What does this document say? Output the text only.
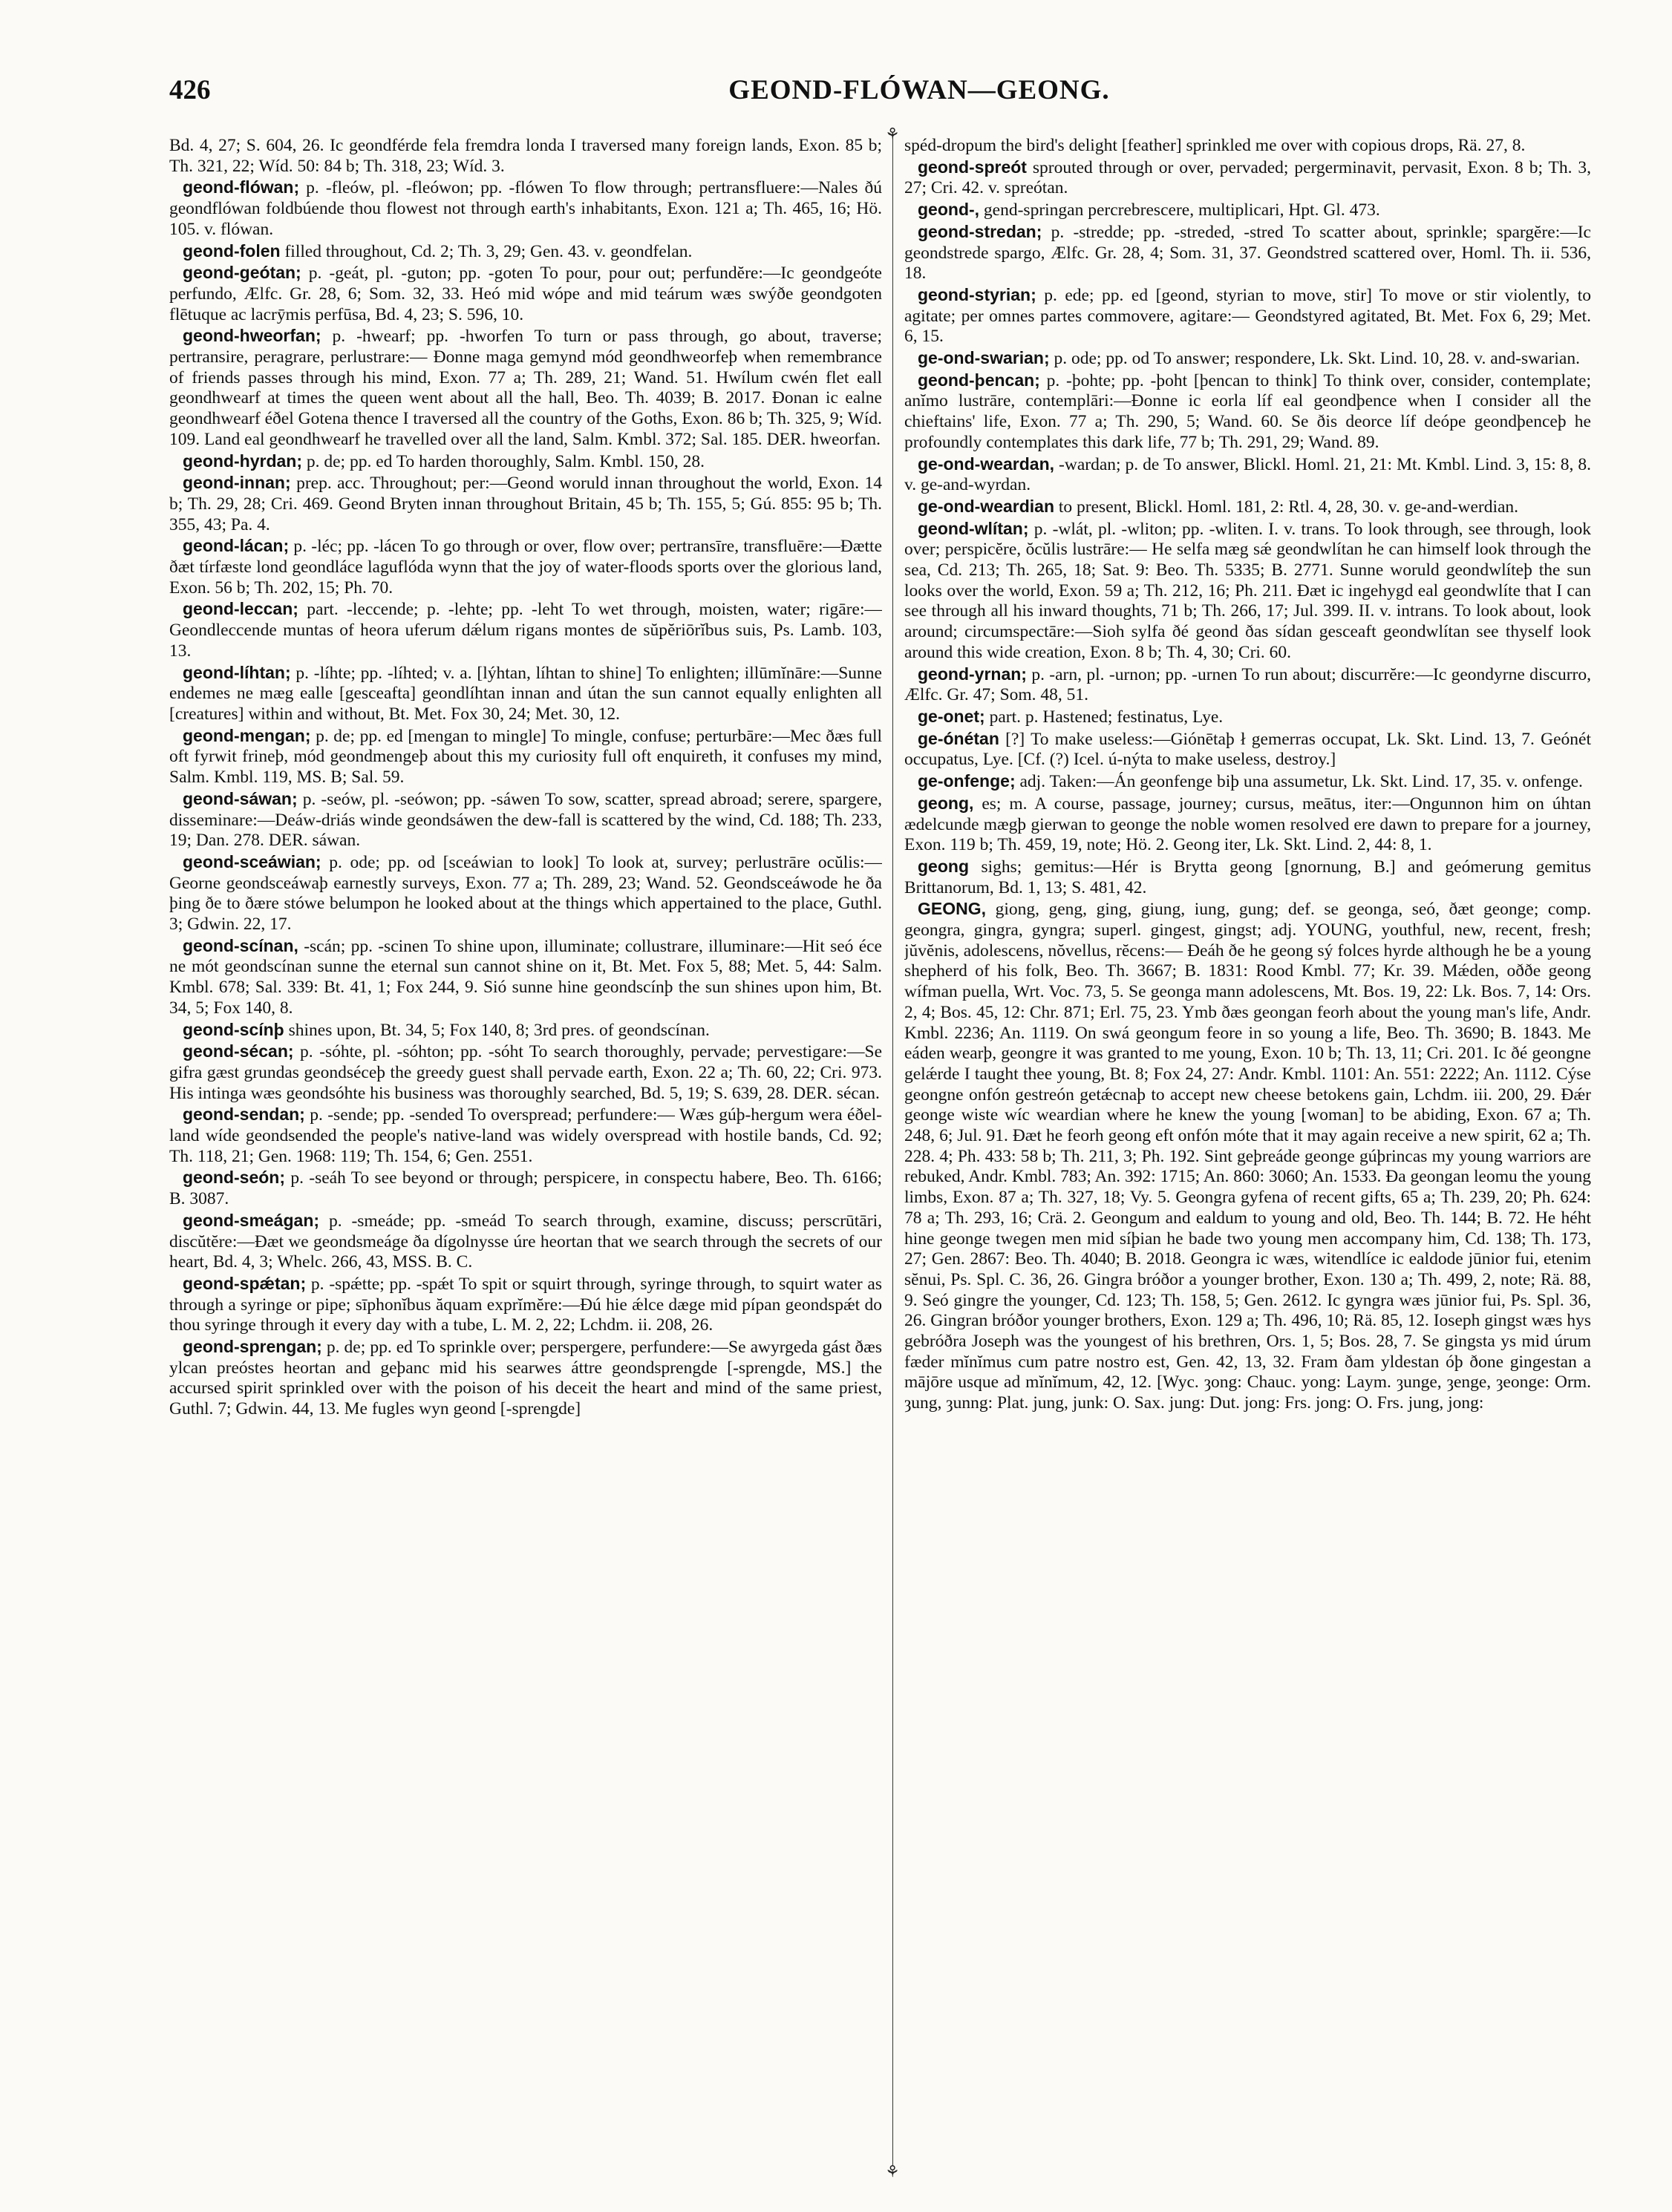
426	GEOND-FLÓWAN—GEONG.
⚘
⚘

Bd. 4, 27; S. 604, 26. Ic geondférde fela fremdra londa I traversed many foreign lands, Exon. 85 b; Th. 321, 22; Wíd. 50: 84 b; Th. 318, 23; Wíd. 3.

geond-flówan; p. -fleów, pl. -fleówon; pp. -flówen To flow through; pertransfluere:—Nales ðú geondflówan foldbúende thou flowest not through earth's inhabitants, Exon. 121 a; Th. 465, 16; Hö. 105. v. flówan.

geond-folen filled throughout, Cd. 2; Th. 3, 29; Gen. 43. v. geondfelan.

geond-geótan; p. -geát, pl. -guton; pp. -goten To pour, pour out; perfundĕre:—Ic geondgeóte perfundo, Ælfc. Gr. 28, 6; Som. 32, 33. Heó mid wópe and mid teárum wæs swýðe geondgoten flētuque ac lacrȳmis perfūsa, Bd. 4, 23; S. 596, 10.

geond-hweorfan; p. -hwearf; pp. -hworfen To turn or pass through, go about, traverse; pertransire, peragrare, perlustrare:— Ðonne maga gemynd mód geondhweorfeþ when remembrance of friends passes through his mind, Exon. 77 a; Th. 289, 21; Wand. 51. Hwílum cwén flet eall geondhwearf at times the queen went about all the hall, Beo. Th. 4039; B. 2017. Ðonan ic ealne geondhwearf éðel Gotena thence I traversed all the country of the Goths, Exon. 86 b; Th. 325, 9; Wíd. 109. Land eal geondhwearf he travelled over all the land, Salm. Kmbl. 372; Sal. 185. DER. hweorfan.

geond-hyrdan; p. de; pp. ed To harden thoroughly, Salm. Kmbl. 150, 28.

geond-innan; prep. acc. Throughout; per:—Geond woruld innan throughout the world, Exon. 14 b; Th. 29, 28; Cri. 469. Geond Bryten innan throughout Britain, 45 b; Th. 155, 5; Gú. 855: 95 b; Th. 355, 43; Pa. 4.

geond-lácan; p. -léc; pp. -lácen To go through or over, flow over; pertransīre, transfluēre:—Ðætte ðæt tírfæste lond geondláce laguflóda wynn that the joy of water-floods sports over the glorious land, Exon. 56 b; Th. 202, 15; Ph. 70.

geond-leccan; part. -leccende; p. -lehte; pp. -leht To wet through, moisten, water; rigāre:—Geondleccende muntas of heora uferum dǽlum rigans montes de sŭpĕriōrĭbus suis, Ps. Lamb. 103, 13.

geond-líhtan; p. -líhte; pp. -líhted; v. a. [lýhtan, líhtan to shine] To enlighten; illūmĭnāre:—Sunne endemes ne mæg ealle [gesceafta] geondlíhtan innan and útan the sun cannot equally enlighten all [creatures] within and without, Bt. Met. Fox 30, 24; Met. 30, 12.

geond-mengan; p. de; pp. ed [mengan to mingle] To mingle, confuse; perturbāre:—Mec ðæs full oft fyrwit frineþ, mód geondmengeþ about this my curiosity full oft enquireth, it confuses my mind, Salm. Kmbl. 119, MS. B; Sal. 59.

geond-sáwan; p. -seów, pl. -seówon; pp. -sáwen To sow, scatter, spread abroad; serere, spargere, disseminare:—Deáw-driás winde geondsáwen the dew-fall is scattered by the wind, Cd. 188; Th. 233, 19; Dan. 278. DER. sáwan.

geond-sceáwian; p. ode; pp. od [sceáwian to look] To look at, survey; perlustrāre ocŭlis:— Georne geondsceáwaþ earnestly surveys, Exon. 77 a; Th. 289, 23; Wand. 52. Geondsceáwode he ða þing ðe to ðære stówe belumpon he looked about at the things which appertained to the place, Guthl. 3; Gdwin. 22, 17.

geond-scínan, -scán; pp. -scinen To shine upon, illuminate; collustrare, illuminare:—Hit seó éce ne mót geondscínan sunne the eternal sun cannot shine on it, Bt. Met. Fox 5, 88; Met. 5, 44: Salm. Kmbl. 678; Sal. 339: Bt. 41, 1; Fox 244, 9. Sió sunne hine geondscínþ the sun shines upon him, Bt. 34, 5; Fox 140, 8.

geond-scínþ shines upon, Bt. 34, 5; Fox 140, 8; 3rd pres. of geondscínan.

geond-sécan; p. -sóhte, pl. -sóhton; pp. -sóht To search thoroughly, pervade; pervestigare:—Se gifra gæst grundas geondséceþ the greedy guest shall pervade earth, Exon. 22 a; Th. 60, 22; Cri. 973. His intinga wæs geondsóhte his business was thoroughly searched, Bd. 5, 19; S. 639, 28. DER. sécan.

geond-sendan; p. -sende; pp. -sended To overspread; perfundere:— Wæs gúþ-hergum wera éðel-land wíde geondsended the people's native-land was widely overspread with hostile bands, Cd. 92; Th. 118, 21; Gen. 1968: 119; Th. 154, 6; Gen. 2551.

geond-seón; p. -seáh To see beyond or through; perspicere, in conspectu habere, Beo. Th. 6166; B. 3087.

geond-smeágan; p. -smeáde; pp. -smeád To search through, examine, discuss; perscrūtāri, discŭtĕre:—Ðæt we geondsmeáge ða dígolnysse úre heortan that we search through the secrets of our heart, Bd. 4, 3; Whelc. 266, 43, MSS. B. C.

geond-spǽtan; p. -spǽtte; pp. -spǽt To spit or squirt through, syringe through, to squirt water as through a syringe or pipe; sīphonĭbus ăquam exprĭmĕre:—Ðú hie ǽlce dæge mid pípan geondspǽt do thou syringe through it every day with a tube, L. M. 2, 22; Lchdm. ii. 208, 26.

geond-sprengan; p. de; pp. ed To sprinkle over; perspergere, perfundere:—Se awyrgeda gást ðæs ylcan preóstes heortan and geþanc mid his searwes áttre geondsprengde [-sprengde, MS.] the accursed spirit sprinkled over with the poison of his deceit the heart and mind of the same priest, Guthl. 7; Gdwin. 44, 13. Me fugles wyn geond [-sprengde]

spéd-dropum the bird's delight [feather] sprinkled me over with copious drops, Rä. 27, 8.

geond-spreót sprouted through or over, pervaded; pergerminavit, pervasit, Exon. 8 b; Th. 3, 27; Cri. 42. v. spreótan.

geond-, gend-springan percrebrescere, multiplicari, Hpt. Gl. 473.

geond-stredan; p. -stredde; pp. -streded, -stred To scatter about, sprinkle; spargĕre:—Ic geondstrede spargo, Ælfc. Gr. 28, 4; Som. 31, 37. Geondstred scattered over, Homl. Th. ii. 536, 18.

geond-styrian; p. ede; pp. ed [geond, styrian to move, stir] To move or stir violently, to agitate; per omnes partes commovere, agitare:— Geondstyred agitated, Bt. Met. Fox 6, 29; Met. 6, 15.

ge-ond-swarian; p. ode; pp. od To answer; respondere, Lk. Skt. Lind. 10, 28. v. and-swarian.

geond-þencan; p. -þohte; pp. -þoht [þencan to think] To think over, consider, contemplate; anĭmo lustrāre, contemplāri:—Ðonne ic eorla líf eal geondþence when I consider all the chieftains' life, Exon. 77 a; Th. 290, 5; Wand. 60. Se ðis deorce líf deópe geondþenceþ he profoundly contemplates this dark life, 77 b; Th. 291, 29; Wand. 89.

ge-ond-weardan, -wardan; p. de To answer, Blickl. Homl. 21, 21: Mt. Kmbl. Lind. 3, 15: 8, 8. v. ge-and-wyrdan.

ge-ond-weardian to present, Blickl. Homl. 181, 2: Rtl. 4, 28, 30. v. ge-and-werdian.

geond-wlítan; p. -wlát, pl. -wliton; pp. -wliten. I. v. trans. To look through, see through, look over; perspicĕre, ŏcŭlis lustrāre:— He selfa mæg sǽ geondwlítan he can himself look through the sea, Cd. 213; Th. 265, 18; Sat. 9: Beo. Th. 5335; B. 2771. Sunne woruld geondwlíteþ the sun looks over the world, Exon. 59 a; Th. 212, 16; Ph. 211. Ðæt ic ingehygd eal geondwlíte that I can see through all his inward thoughts, 71 b; Th. 266, 17; Jul. 399. II. v. intrans. To look about, look around; circumspectāre:—Sioh sylfa ðé geond ðas sídan gesceaft geondwlítan see thyself look around this wide creation, Exon. 8 b; Th. 4, 30; Cri. 60.

geond-yrnan; p. -arn, pl. -urnon; pp. -urnen To run about; discurrĕre:—Ic geondyrne discurro, Ælfc. Gr. 47; Som. 48, 51.

ge-onet; part. p. Hastened; festinatus, Lye.

ge-ónétan [?] To make useless:—Giónētaþ ł gemerras occupat, Lk. Skt. Lind. 13, 7. Geónét occupatus, Lye. [Cf. (?) Icel. ú-nýta to make useless, destroy.]

ge-onfenge; adj. Taken:—Án geonfenge biþ una assumetur, Lk. Skt. Lind. 17, 35. v. onfenge.

geong, es; m. A course, passage, journey; cursus, meātus, iter:—Ongunnon him on úhtan ædelcunde mægþ gierwan to geonge the noble women resolved ere dawn to prepare for a journey, Exon. 119 b; Th. 459, 19, note; Hö. 2. Geong iter, Lk. Skt. Lind. 2, 44: 8, 1.

geong sighs; gemitus:—Hér is Brytta geong [gnornung, B.] and geómerung gemitus Brittanorum, Bd. 1, 13; S. 481, 42.

GEONG, giong, geng, ging, giung, iung, gung; def. se geonga, seó, ðæt geonge; comp. geongra, gingra, gyngra; superl. gingest, gingst; adj. YOUNG, youthful, new, recent, fresh; jŭvĕnis, adolescens, nŏvellus, rĕcens:— Ðeáh ðe he geong sý folces hyrde although he be a young shepherd of his folk, Beo. Th. 3667; B. 1831: Rood Kmbl. 77; Kr. 39. Mǽden, oððe geong wífman puella, Wrt. Voc. 73, 5. Se geonga mann adolescens, Mt. Bos. 19, 22: Lk. Bos. 7, 14: Ors. 2, 4; Bos. 45, 12: Chr. 871; Erl. 75, 23. Ymb ðæs geongan feorh about the young man's life, Andr. Kmbl. 2236; An. 1119. On swá geongum feore in so young a life, Beo. Th. 3690; B. 1843. Me eáden wearþ, geongre it was granted to me young, Exon. 10 b; Th. 13, 11; Cri. 201. Ic ðé geongne gelǽrde I taught thee young, Bt. 8; Fox 24, 27: Andr. Kmbl. 1101: An. 551: 2222; An. 1112. Cýse geongne onfón gestreón getǽcnaþ to accept new cheese betokens gain, Lchdm. iii. 200, 29. Ðǽr geonge wiste wíc weardian where he knew the young [woman] to be abiding, Exon. 67 a; Th. 248, 6; Jul. 91. Ðæt he feorh geong eft onfón móte that it may again receive a new spirit, 62 a; Th. 228. 4; Ph. 433: 58 b; Th. 211, 3; Ph. 192. Sint geþreáde geonge gúþrincas my young warriors are rebuked, Andr. Kmbl. 783; An. 392: 1715; An. 860: 3060; An. 1533. Ða geongan leomu the young limbs, Exon. 87 a; Th. 327, 18; Vy. 5. Geongra gyfena of recent gifts, 65 a; Th. 239, 20; Ph. 624: 78 a; Th. 293, 16; Crä. 2. Geongum and ealdum to young and old, Beo. Th. 144; B. 72. He héht hine geonge twegen men mid síþian he bade two young men accompany him, Cd. 138; Th. 173, 27; Gen. 2867: Beo. Th. 4040; B. 2018. Geongra ic wæs, witendlíce ic ealdode jūnior fui, etenim sĕnui, Ps. Spl. C. 36, 26. Gingra bróðor a younger brother, Exon. 130 a; Th. 499, 2, note; Rä. 88, 9. Seó gingre the younger, Cd. 123; Th. 158, 5; Gen. 2612. Ic gyngra wæs jūnior fui, Ps. Spl. 36, 26. Gingran bróðor younger brothers, Exon. 129 a; Th. 496, 10; Rä. 85, 12. Ioseph gingst wæs hys gebróðra Joseph was the youngest of his brethren, Ors. 1, 5; Bos. 28, 7. Se gingsta ys mid úrum fæder mĭnĭmus cum patre nostro est, Gen. 42, 13, 32. Fram ðam yldestan óþ ðone gingestan a mājōre usque ad mĭnĭmum, 42, 12. [Wyc. ȝong: Chauc. yong: Laym. ȝunge, ȝenge, ȝeonge: Orm. ȝung, ȝunng: Plat. jung, junk: O. Sax. jung: Dut. jong: Frs. jong: O. Frs. jung, jong:
